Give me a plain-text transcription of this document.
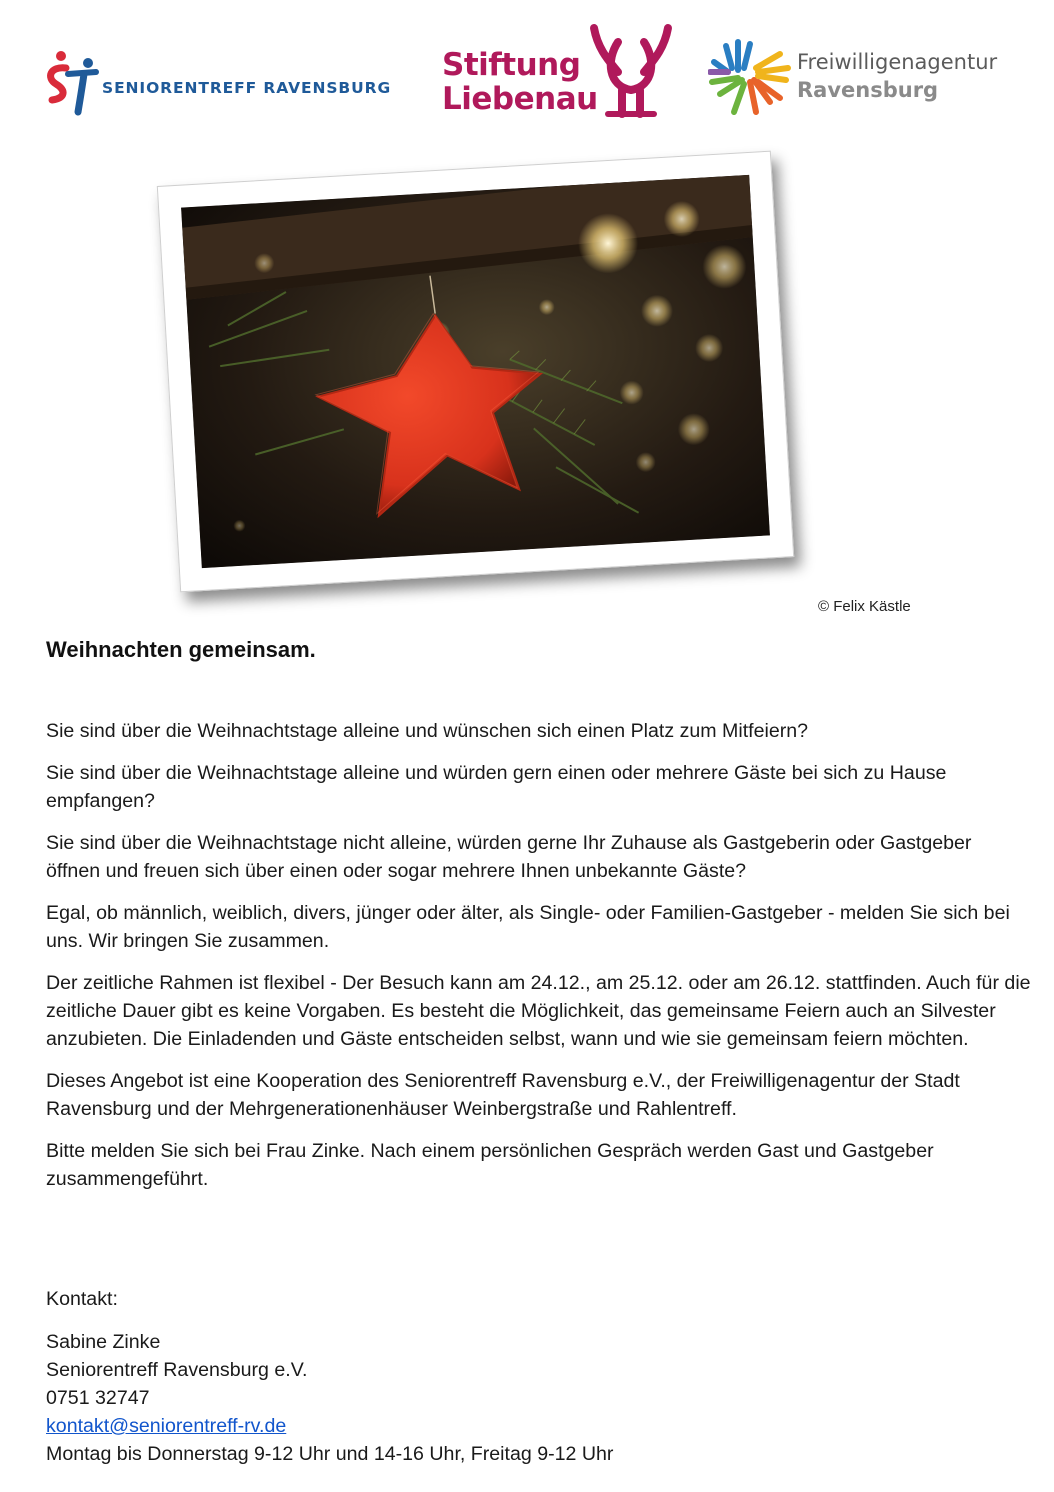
SENIORENTREFF RAVENSBURG
Stiftung
Liebenau
Freiwilligenagentur
Ravensburg
© Felix Kästle
Weihnachten gemeinsam.

Sie sind über die Weihnachtstage alleine und wünschen sich einen Platz zum Mitfeiern?

Sie sind über die Weihnachtstage alleine und würden gern einen oder mehrere Gäste bei sich zu Hause empfangen?

Sie sind über die Weihnachtstage nicht alleine, würden gerne Ihr Zuhause als Gastgeberin oder Gastgeber öffnen und freuen sich über einen oder sogar mehrere Ihnen unbekannte Gäste?

Egal, ob männlich, weiblich, divers, jünger oder älter, als Single- oder Familien-Gastgeber - melden Sie sich bei uns. Wir bringen Sie zusammen.

Der zeitliche Rahmen ist flexibel - Der Besuch kann am 24.12., am 25.12. oder am 26.12. stattfinden. Auch für die zeitliche Dauer gibt es keine Vorgaben. Es besteht die Möglichkeit, das gemeinsame Feiern auch an Silvester anzubieten. Die Einladenden und Gäste entscheiden selbst, wann und wie sie gemeinsam feiern möchten.

Dieses Angebot ist eine Kooperation des Seniorentreff Ravensburg e.V., der Freiwilligenagentur der Stadt Ravensburg und der Mehrgenerationenhäuser Weinbergstraße und Rahlentreff.

Bitte melden Sie sich bei Frau Zinke. Nach einem persönlichen Gespräch werden Gast und Gastgeber zusammengeführt.

Kontakt:

Sabine Zinke
Seniorentreff Ravensburg e.V.
0751 32747
kontakt@seniorentreff-rv.de
Montag bis Donnerstag 9-12 Uhr und 14-16 Uhr, Freitag 9-12 Uhr
